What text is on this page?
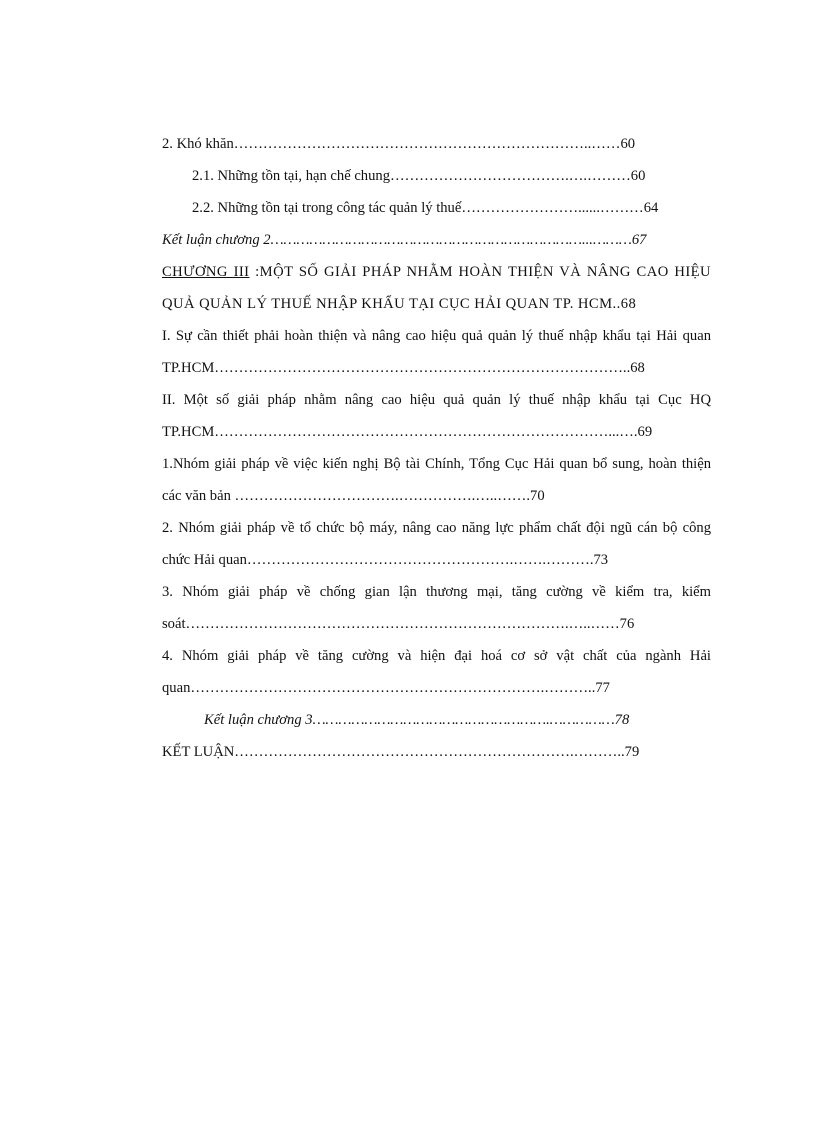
2. Khó khăn………………………………………………………………..……60
2.1. Những tồn tại, hạn chế chung……………………………….….………60
2.2. Những tồn tại trong công tác quản lý thuế……………………......………64
Kết luận chương 2………………………………………………………………...………67
CHƯƠNG III :MỘT SỐ GIẢI PHÁP NHẰM HOÀN THIỆN VÀ NÂNG CAO HIỆU QUẢ QUẢN LÝ THUẾ NHẬP KHẨU TẠI CỤC HẢI QUAN TP. HCM..68
I. Sự cần thiết phải hoàn thiện và nâng cao hiệu quả quản lý thuế nhập khẩu tại Hải quan TP.HCM…………………………………………………………………………..68
II. Một số giải pháp nhằm nâng cao hiệu quả quản lý thuế nhập khẩu tại Cục HQ TP.HCM………………………………………………………………………...….69
1.Nhóm giải pháp về việc kiến nghị Bộ tài Chính, Tổng Cục Hải quan bổ sung, hoàn thiện các văn bản …………………………….…………….…..…….70
2. Nhóm giải pháp về tổ chức bộ máy, nâng cao năng lực phẩm chất đội ngũ cán bộ công chức Hải quan……………………………………………….…….……….73
3. Nhóm giải pháp về chống gian lận thương mại, tăng cường về kiểm tra, kiểm soát…………………………………………………………………….…..……76
4. Nhóm giải pháp về tăng cường và hiện đại hoá cơ sở vật chất của ngành Hải quan……………………………………………………………….………..77
Kết luận chương 3……………………………………………….……………78
KẾT LUẬN…………………………………………………………….………..79
